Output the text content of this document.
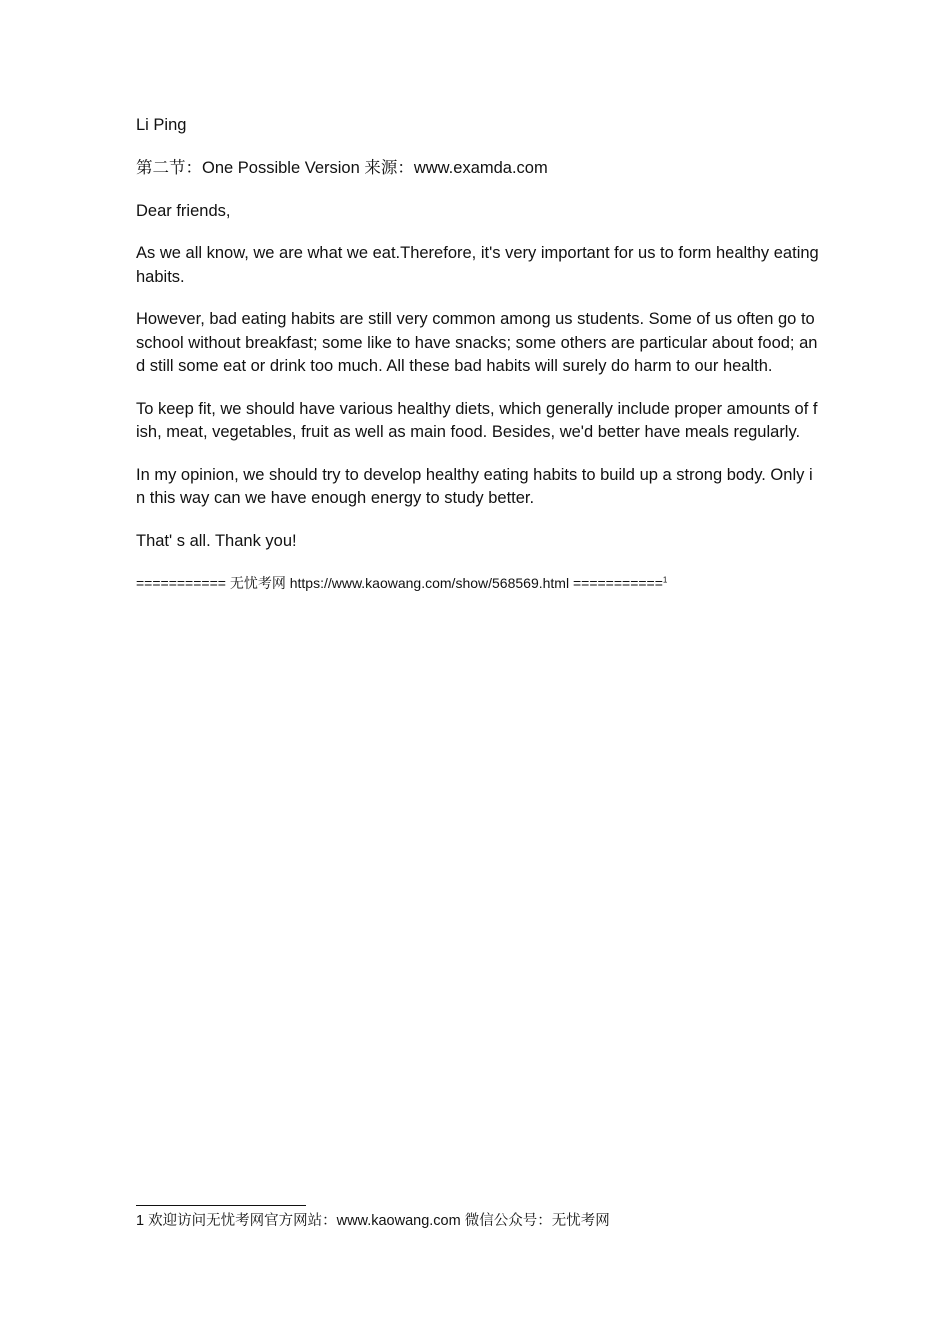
Li Ping

第二节：One Possible Version 来源：www.examda.com

Dear friends,

As we all know, we are what we eat.Therefore, it's very important for us to form healthy eating habits.

However, bad eating habits are still very common among us students. Some of us often go to school without breakfast; some like to have snacks; some others are particular about food; and still some eat or drink too much. All these bad habits will surely do harm to our health.

To keep fit, we should have various healthy diets, which generally include proper amounts of fish, meat, vegetables, fruit as well as main food. Besides, we'd better have meals regularly.

In my opinion, we should try to develop healthy eating habits to build up a strong body. Only in this way can we have enough energy to study better.

That' s all. Thank you!

=========== 无忧考网 https://www.kaowang.com/show/568569.html ===========$^1$

1 欢迎访问无忧考网官方网站：www.kaowang.com 微信公众号：无忧考网
